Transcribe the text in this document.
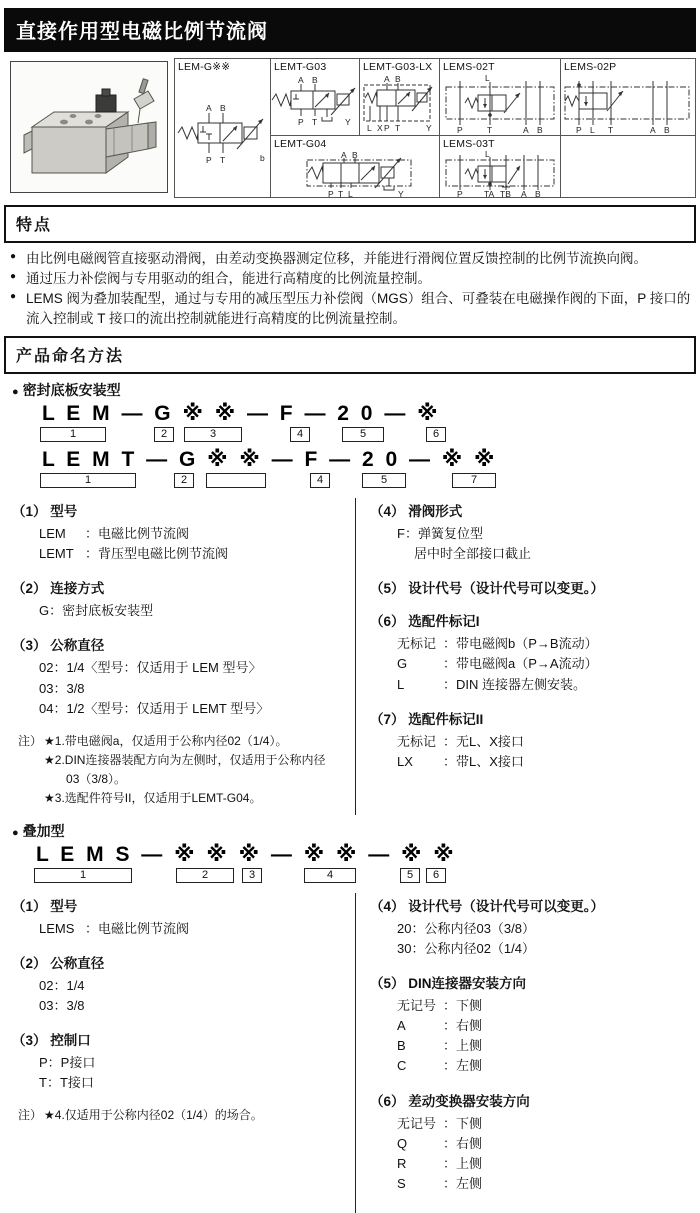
直接作用型电磁比例节流阀
LEM-G※※
A B
P T	b
LEMT-G03
A B
P T	Y
LEMT-G03-LX
A B
L X P T	Y
LEMS-02T
L
P	T	A B
LEMS-02P
P L T	A B
LEMT-G04
A B
P T L	Y
LEMS-03T
L
P	TA TB A B
特点
● 由比例电磁阀管直接驱动滑阀，由差动变换器测定位移，并能进行滑阀位置反馈控制的比例节流换向阀。
● 通过压力补偿阀与专用驱动的组合，能进行高精度的比例流量控制。
● LEMS 阀为叠加装配型，通过与专用的减压型压力补偿阀（MGS）组合、可叠装在电磁操作阀的下面，P 接口的流入控制或 T 接口的流出控制就能进行高精度的比例流量控制。
产品命名方法
● 密封底板安装型
L E M — G ※ ※ — F — 2 0 — ※
1	2	3	4	5	6
L E M T — G ※ ※ — F — 2 0 — ※ ※
1	2	4	5	7
（1） 型号
LEM	：电磁比例节流阀
LEMT ：背压型电磁比例节流阀
（2） 连接方式
G ：密封底板安装型
（3） 公称直径
02 ：1/4〈型号：仅适用于 LEM 型号〉
03 ：3/8
04 ：1/2〈型号：仅适用于 LEMT 型号〉
注） ★1.带电磁阀a，仅适用于公称内径02（1/4）。
★2.DIN连接器装配方向为左侧时，仅适用于公称内径
03（3/8）。
★3.选配件符号II，仅适用于LEMT-G04。
（4） 滑阀形式
F ：弹簧复位型
居中时全部接口截止
（5） 设计代号（设计代号可以变更。）
（6） 选配件标记I
无标记 ：带电磁阀b（P→B流动）
G	：带电磁阀a（P→A流动）
L	：DIN 连接器左侧安装。
（7） 选配件标记II
无标记 ：无L、X接口
LX	：带L、X接口
● 叠加型
L E M S — ※ ※ ※ — ※ ※ — ※ ※
1	2	3	4	5	6
（1） 型号
LEMS ：电磁比例节流阀
（2） 公称直径
02 ：1/4
03 ：3/8
（3） 控制口
P ：P接口
T ：T接口
注） ★4.仅适用于公称内径02（1/4）的场合。
（4） 设计代号（设计代号可以变更。）
20 ：公称内径03（3/8）
30 ：公称内径02（1/4）
（5） DIN连接器安装方向
无记号 ：下侧
A	：右侧
B	：上侧
C	：左侧
（6） 差动变换器安装方向
无记号 ：下侧
Q	：右侧
R	：上侧
S	：左侧
